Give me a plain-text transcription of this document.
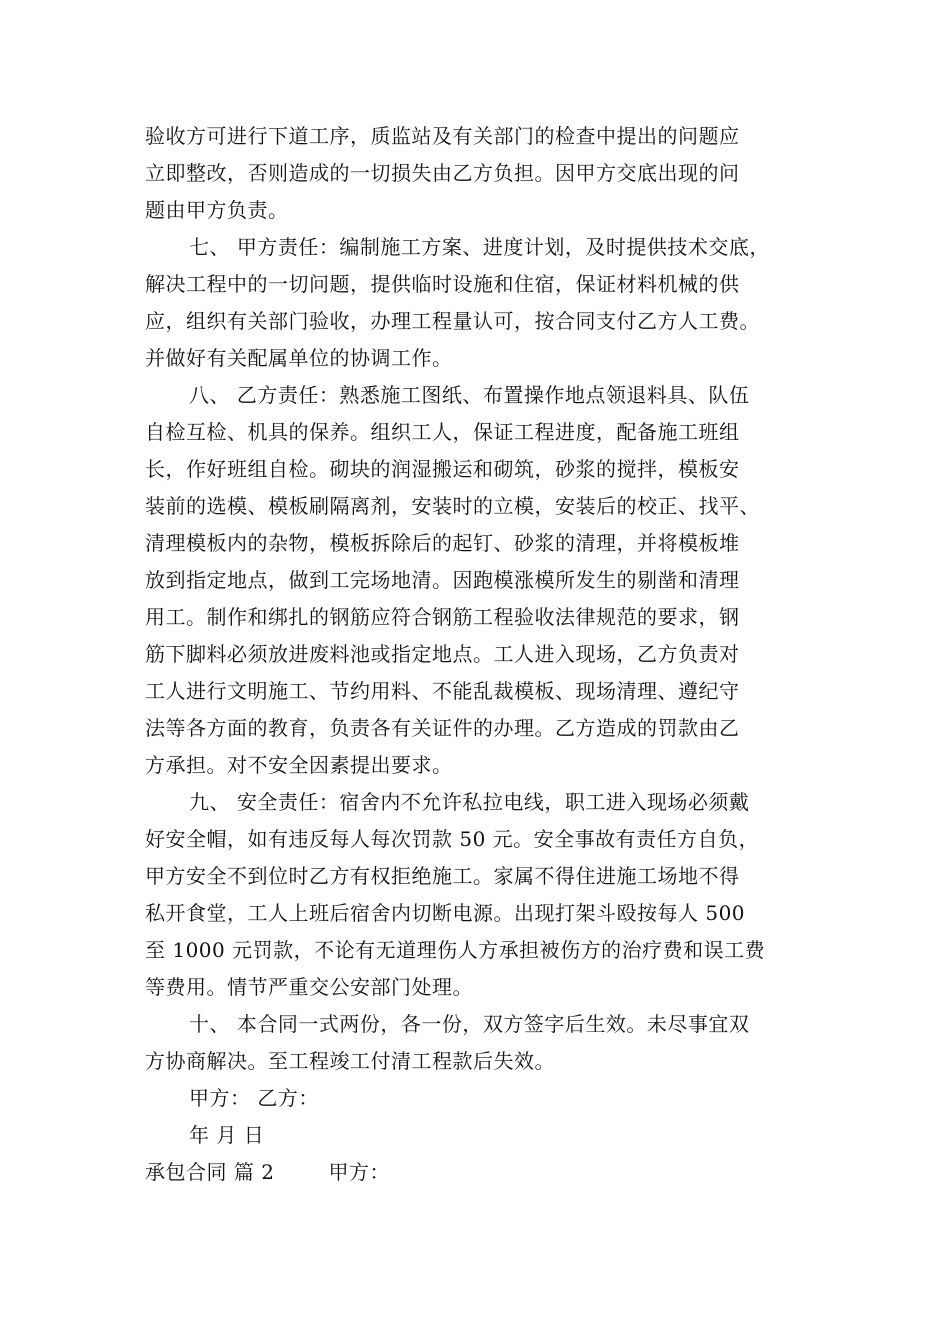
验收方可进行下道工序，质监站及有关部门的检查中提出的问题应
立即整改，否则造成的一切损失由乙方负担。因甲方交底出现的问
题由甲方负责。
七、 甲方责任：编制施工方案、进度计划，及时提供技术交底，
解决工程中的一切问题，提供临时设施和住宿，保证材料机械的供
应，组织有关部门验收，办理工程量认可，按合同支付乙方人工费。
并做好有关配属单位的协调工作。
八、 乙方责任：熟悉施工图纸、布置操作地点领退料具、队伍
自检互检、机具的保养。组织工人，保证工程进度，配备施工班组
长，作好班组自检。砌块的润湿搬运和砌筑，砂浆的搅拌，模板安
装前的选模、模板刷隔离剂，安装时的立模，安装后的校正、找平、
清理模板内的杂物，模板拆除后的起钉、砂浆的清理，并将模板堆
放到指定地点，做到工完场地清。因跑模涨模所发生的剔凿和清理
用工。制作和绑扎的钢筋应符合钢筋工程验收法律规范的要求，钢
筋下脚料必须放进废料池或指定地点。工人进入现场，乙方负责对
工人进行文明施工、节约用料、不能乱裁模板、现场清理、遵纪守
法等各方面的教育，负责各有关证件的办理。乙方造成的罚款由乙
方承担。对不安全因素提出要求。
九、 安全责任：宿舍内不允许私拉电线，职工进入现场必须戴
好安全帽，如有违反每人每次罚款 50 元。安全事故有责任方自负，
甲方安全不到位时乙方有权拒绝施工。家属不得住进施工场地不得
私开食堂，工人上班后宿舍内切断电源。出现打架斗殴按每人 500
至 1000 元罚款，不论有无道理伤人方承担被伤方的治疗费和误工费
等费用。情节严重交公安部门处理。
十、 本合同一式两份，各一份，双方签字后生效。未尽事宜双
方协商解决。至工程竣工付清工程款后失效。
甲方： 乙方：
年 月 日
承包合同 篇 2	甲方：
